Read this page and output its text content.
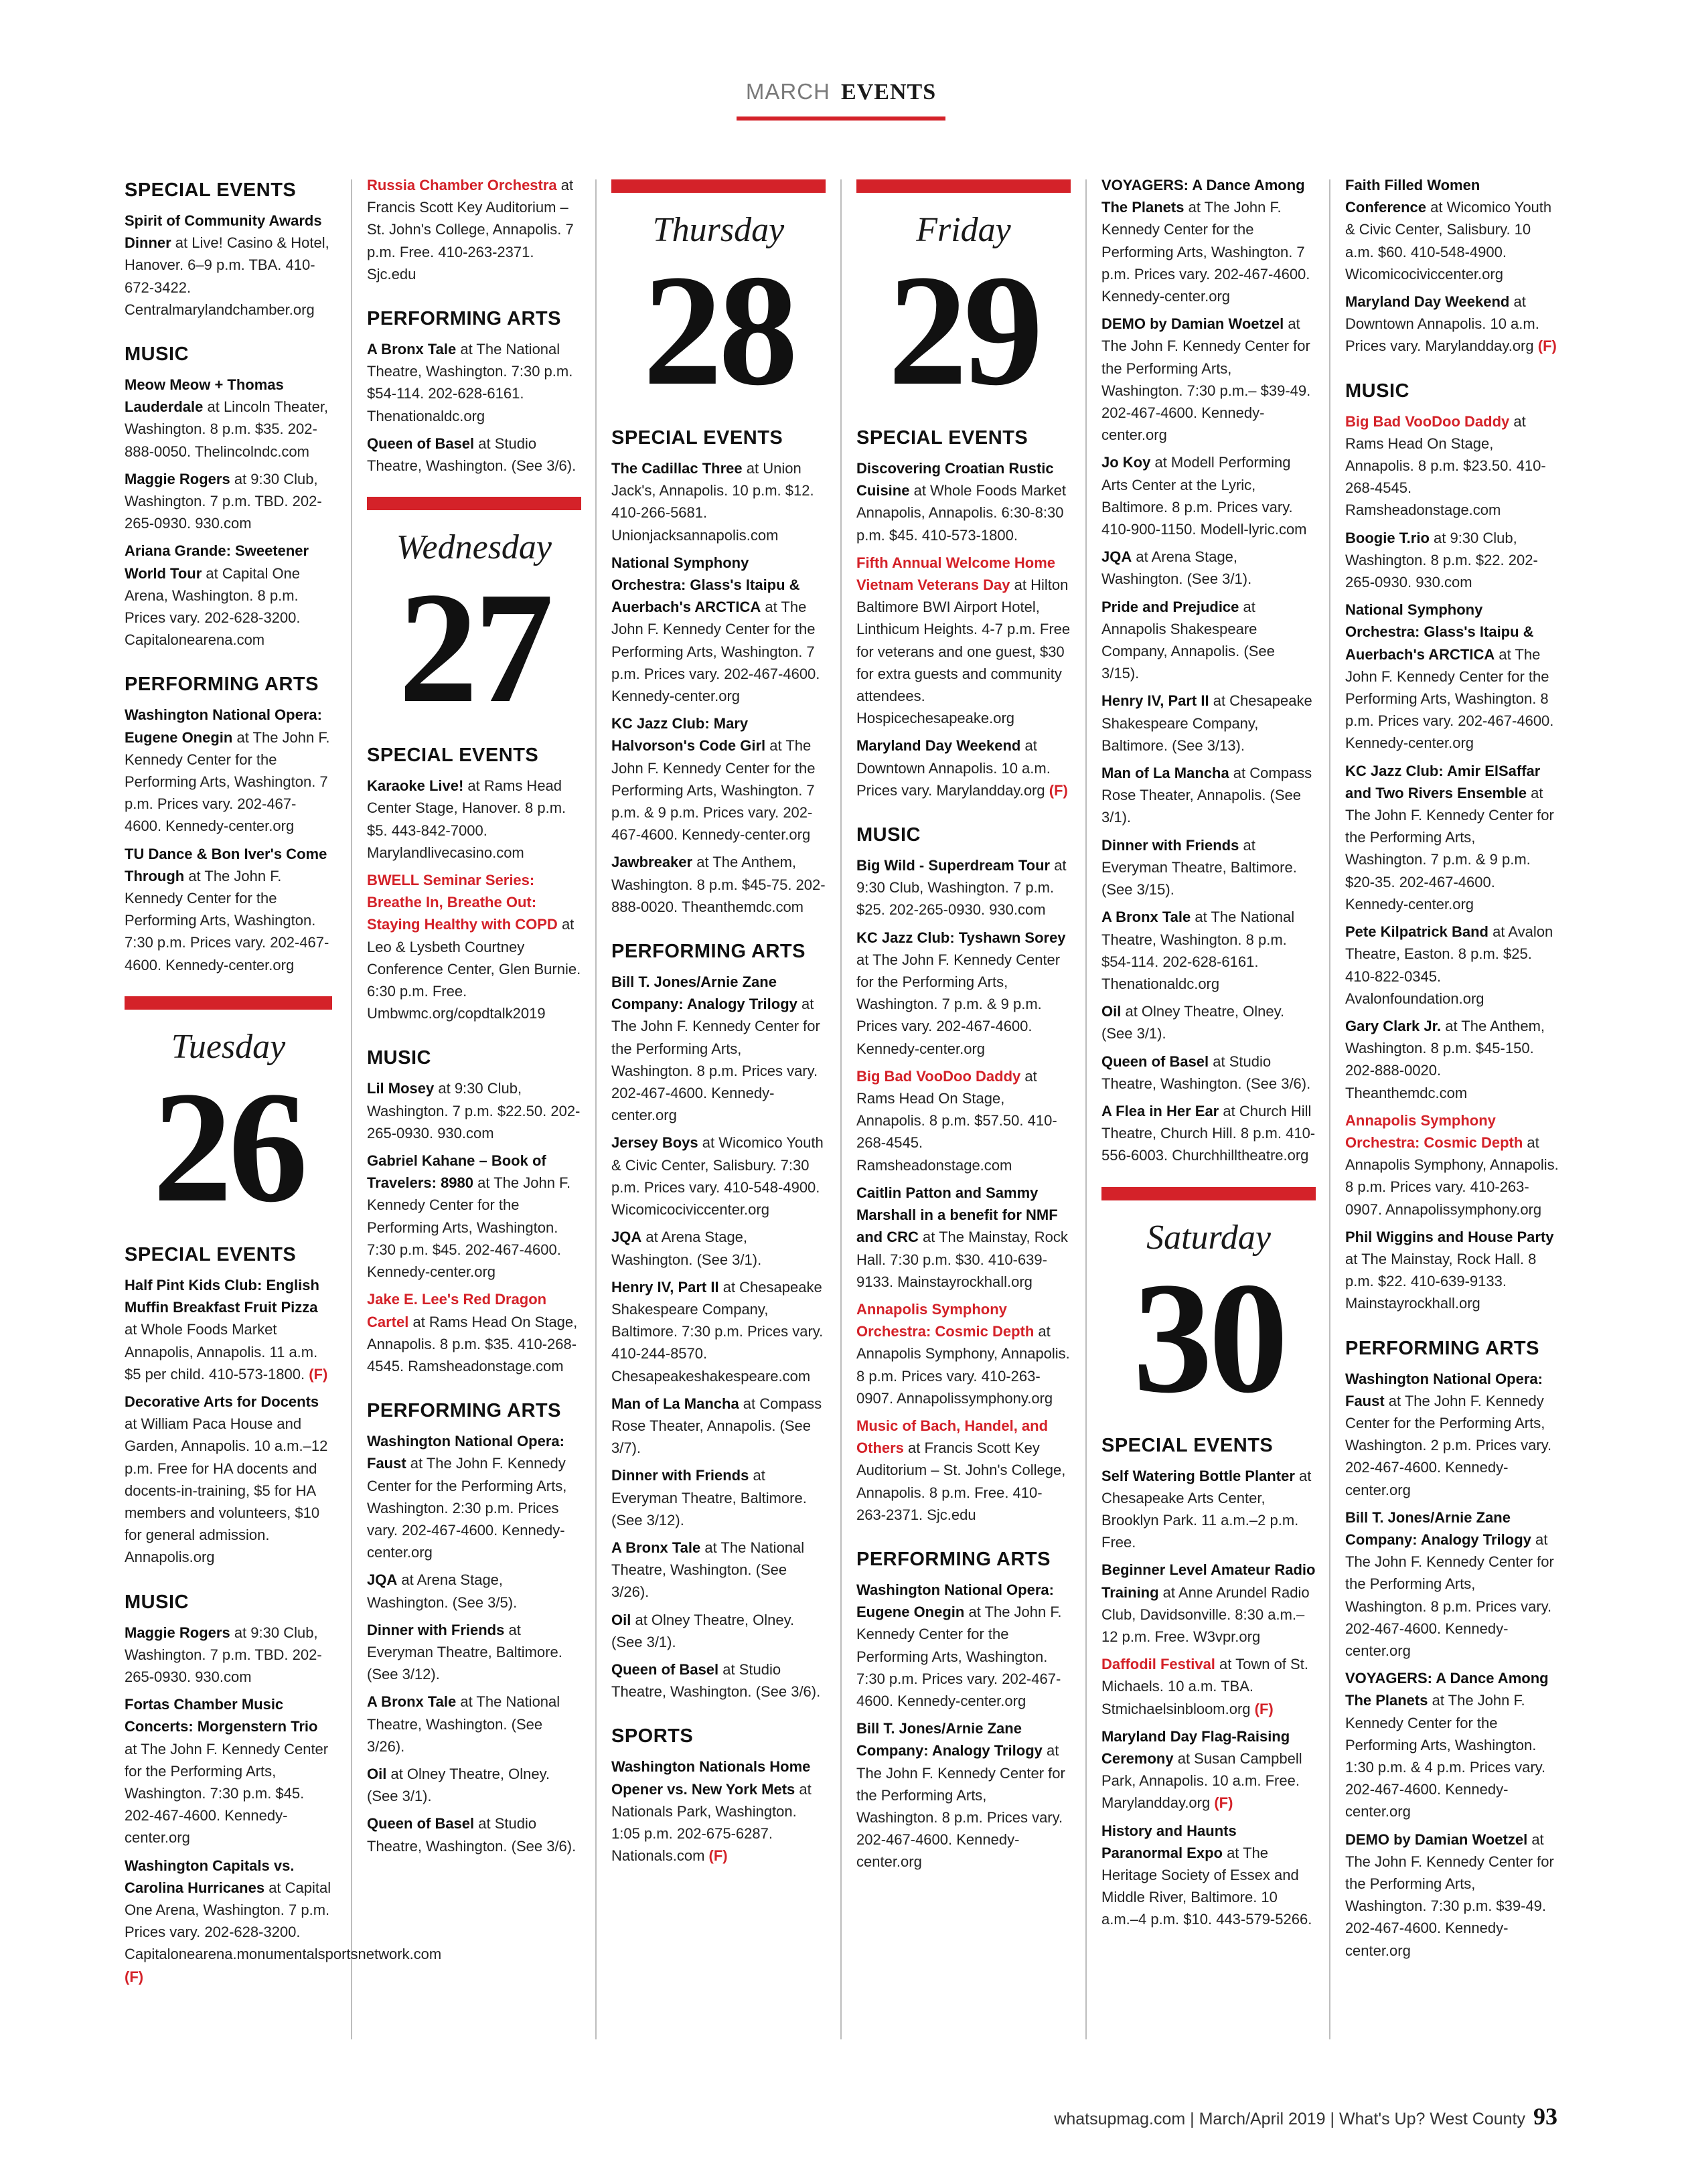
MARCH EVENTS
SPECIAL EVENTS
Spirit of Community Awards Dinner at Live! Casino & Hotel, Hanover. 6–9 p.m. TBA. 410-672-3422. Centralmarylandchamber.org
MUSIC
Meow Meow + Thomas Lauderdale at Lincoln Theater, Washington. 8 p.m. $35. 202-888-0050. Thelincolndc.com
Maggie Rogers at 9:30 Club, Washington. 7 p.m. TBD. 202-265-0930. 930.com
Ariana Grande: Sweetener World Tour at Capital One Arena, Washington. 8 p.m. Prices vary. 202-628-3200. Capitalonearena.com
PERFORMING ARTS
Washington National Opera: Eugene Onegin at The John F. Kennedy Center for the Performing Arts, Washington. 7 p.m. Prices vary. 202-467-4600. Kennedy-center.org
TU Dance & Bon Iver's Come Through at The John F. Kennedy Center for the Performing Arts, Washington. 7:30 p.m. Prices vary. 202-467-4600. Kennedy-center.org
Tuesday
26
SPECIAL EVENTS
Half Pint Kids Club: English Muffin Breakfast Fruit Pizza at Whole Foods Market Annapolis, Annapolis. 11 a.m. $5 per child. 410-573-1800. (F)
Decorative Arts for Docents at William Paca House and Garden, Annapolis. 10 a.m.–12 p.m. Free for HA docents and docents-in-training, $5 for HA members and volunteers, $10 for general admission. Annapolis.org
MUSIC
Maggie Rogers at 9:30 Club, Washington. 7 p.m. TBD. 202-265-0930. 930.com
Fortas Chamber Music Concerts: Morgenstern Trio at The John F. Kennedy Center for the Performing Arts, Washington. 7:30 p.m. $45. 202-467-4600. Kennedy-center.org
Washington Capitals vs. Carolina Hurricanes at Capital One Arena, Washington. 7 p.m. Prices vary. 202-628-3200. Capitalonearena.monumentalsportsnetwork.com (F)
Russia Chamber Orchestra at Francis Scott Key Auditorium – St. John's College, Annapolis. 7 p.m. Free. 410-263-2371. Sjc.edu
PERFORMING ARTS
A Bronx Tale at The National Theatre, Washington. 7:30 p.m. $54-114. 202-628-6161. Thenationaldc.org
Queen of Basel at Studio Theatre, Washington. (See 3/6).
Wednesday
27
SPECIAL EVENTS
Karaoke Live! at Rams Head Center Stage, Hanover. 8 p.m. $5. 443-842-7000. Marylandlivecasino.com
BWELL Seminar Series: Breathe In, Breathe Out: Staying Healthy with COPD at Leo & Lysbeth Courtney Conference Center, Glen Burnie. 6:30 p.m. Free. Umbwmc.org/copdtalk2019
MUSIC
Lil Mosey at 9:30 Club, Washington. 7 p.m. $22.50. 202-265-0930. 930.com
Gabriel Kahane – Book of Travelers: 8980 at The John F. Kennedy Center for the Performing Arts, Washington. 7:30 p.m. $45. 202-467-4600. Kennedy-center.org
Jake E. Lee's Red Dragon Cartel at Rams Head On Stage, Annapolis. 8 p.m. $35. 410-268-4545. Ramsheadonstage.com
PERFORMING ARTS
Washington National Opera: Faust at The John F. Kennedy Center for the Performing Arts, Washington. 2:30 p.m. Prices vary. 202-467-4600. Kennedy-center.org
JQA at Arena Stage, Washington. (See 3/5).
Dinner with Friends at Everyman Theatre, Baltimore. (See 3/12).
A Bronx Tale at The National Theatre, Washington. (See 3/26).
Oil at Olney Theatre, Olney. (See 3/1).
Queen of Basel at Studio Theatre, Washington. (See 3/6).
Thursday
28
SPECIAL EVENTS
The Cadillac Three at Union Jack's, Annapolis. 10 p.m. $12. 410-266-5681. Unionjacksannapolis.com
National Symphony Orchestra: Glass's Itaipu & Auerbach's ARCTICA at The John F. Kennedy Center for the Performing Arts, Washington. 7 p.m. Prices vary. 202-467-4600. Kennedy-center.org
KC Jazz Club: Mary Halvorson's Code Girl at The John F. Kennedy Center for the Performing Arts, Washington. 7 p.m. & 9 p.m. Prices vary. 202-467-4600. Kennedy-center.org
Jawbreaker at The Anthem, Washington. 8 p.m. $45-75. 202-888-0020. Theanthemdc.com
PERFORMING ARTS
Bill T. Jones/Arnie Zane Company: Analogy Trilogy at The John F. Kennedy Center for the Performing Arts, Washington. 8 p.m. Prices vary. 202-467-4600. Kennedy-center.org
Jersey Boys at Wicomico Youth & Civic Center, Salisbury. 7:30 p.m. Prices vary. 410-548-4900. Wicomicociviccenter.org
JQA at Arena Stage, Washington. (See 3/1).
Henry IV, Part II at Chesapeake Shakespeare Company, Baltimore. 7:30 p.m. Prices vary. 410-244-8570. Chesapeakeshakespeare.com
Man of La Mancha at Compass Rose Theater, Annapolis. (See 3/7).
Dinner with Friends at Everyman Theatre, Baltimore. (See 3/12).
A Bronx Tale at The National Theatre, Washington. (See 3/26).
Oil at Olney Theatre, Olney. (See 3/1).
Queen of Basel at Studio Theatre, Washington. (See 3/6).
SPORTS
Washington Nationals Home Opener vs. New York Mets at Nationals Park, Washington. 1:05 p.m. 202-675-6287. Nationals.com (F)
Friday
29
SPECIAL EVENTS
Discovering Croatian Rustic Cuisine at Whole Foods Market Annapolis, Annapolis. 6:30-8:30 p.m. $45. 410-573-1800.
Fifth Annual Welcome Home Vietnam Veterans Day at Hilton Baltimore BWI Airport Hotel, Linthicum Heights. 4-7 p.m. Free for veterans and one guest, $30 for extra guests and community attendees. Hospicechesapeake.org
Maryland Day Weekend at Downtown Annapolis. 10 a.m. Prices vary. Marylandday.org (F)
MUSIC
Big Wild - Superdream Tour at 9:30 Club, Washington. 7 p.m. $25. 202-265-0930. 930.com
KC Jazz Club: Tyshawn Sorey at The John F. Kennedy Center for the Performing Arts, Washington. 7 p.m. & 9 p.m. Prices vary. 202-467-4600. Kennedy-center.org
Big Bad VooDoo Daddy at Rams Head On Stage, Annapolis. 8 p.m. $57.50. 410-268-4545. Ramsheadonstage.com
Caitlin Patton and Sammy Marshall in a benefit for NMF and CRC at The Mainstay, Rock Hall. 7:30 p.m. $30. 410-639-9133. Mainstayrockhall.org
Annapolis Symphony Orchestra: Cosmic Depth at Annapolis Symphony, Annapolis. 8 p.m. Prices vary. 410-263-0907. Annapolissymphony.org
Music of Bach, Handel, and Others at Francis Scott Key Auditorium – St. John's College, Annapolis. 8 p.m. Free. 410-263-2371. Sjc.edu
PERFORMING ARTS
Washington National Opera: Eugene Onegin at The John F. Kennedy Center for the Performing Arts, Washington. 7:30 p.m. Prices vary. 202-467-4600. Kennedy-center.org
Bill T. Jones/Arnie Zane Company: Analogy Trilogy at The John F. Kennedy Center for the Performing Arts, Washington. 8 p.m. Prices vary. 202-467-4600. Kennedy-center.org
VOYAGERS: A Dance Among The Planets at The John F. Kennedy Center for the Performing Arts, Washington. 7 p.m. Prices vary. 202-467-4600. Kennedy-center.org
DEMO by Damian Woetzel at The John F. Kennedy Center for the Performing Arts, Washington. 7:30 p.m.– $39-49. 202-467-4600. Kennedy-center.org
Jo Koy at Modell Performing Arts Center at the Lyric, Baltimore. 8 p.m. Prices vary. 410-900-1150. Modell-lyric.com
JQA at Arena Stage, Washington. (See 3/1).
Pride and Prejudice at Annapolis Shakespeare Company, Annapolis. (See 3/15).
Henry IV, Part II at Chesapeake Shakespeare Company, Baltimore. (See 3/13).
Man of La Mancha at Compass Rose Theater, Annapolis. (See 3/1).
Dinner with Friends at Everyman Theatre, Baltimore. (See 3/15).
A Bronx Tale at The National Theatre, Washington. 8 p.m. $54-114. 202-628-6161. Thenationaldc.org
Oil at Olney Theatre, Olney. (See 3/1).
Queen of Basel at Studio Theatre, Washington. (See 3/6).
A Flea in Her Ear at Church Hill Theatre, Church Hill. 8 p.m. 410-556-6003. Churchhilltheatre.org
Saturday
30
SPECIAL EVENTS
Self Watering Bottle Planter at Chesapeake Arts Center, Brooklyn Park. 11 a.m.–2 p.m. Free.
Beginner Level Amateur Radio Training at Anne Arundel Radio Club, Davidsonville. 8:30 a.m.–12 p.m. Free. W3vpr.org
Daffodil Festival at Town of St. Michaels. 10 a.m. TBA. Stmichaelsinbloom.org (F)
Maryland Day Flag-Raising Ceremony at Susan Campbell Park, Annapolis. 10 a.m. Free. Marylandday.org (F)
History and Haunts Paranormal Expo at The Heritage Society of Essex and Middle River, Baltimore. 10 a.m.–4 p.m. $10. 443-579-5266.
Faith Filled Women Conference at Wicomico Youth & Civic Center, Salisbury. 10 a.m. $60. 410-548-4900. Wicomicociviccenter.org
Maryland Day Weekend at Downtown Annapolis. 10 a.m. Prices vary. Marylandday.org (F)
MUSIC
Big Bad VooDoo Daddy at Rams Head On Stage, Annapolis. 8 p.m. $23.50. 410-268-4545. Ramsheadonstage.com
Boogie T.rio at 9:30 Club, Washington. 8 p.m. $22. 202-265-0930. 930.com
National Symphony Orchestra: Glass's Itaipu & Auerbach's ARCTICA at The John F. Kennedy Center for the Performing Arts, Washington. 8 p.m. Prices vary. 202-467-4600. Kennedy-center.org
KC Jazz Club: Amir ElSaffar and Two Rivers Ensemble at The John F. Kennedy Center for the Performing Arts, Washington. 7 p.m. & 9 p.m. $20-35. 202-467-4600. Kennedy-center.org
Pete Kilpatrick Band at Avalon Theatre, Easton. 8 p.m. $25. 410-822-0345. Avalonfoundation.org
Gary Clark Jr. at The Anthem, Washington. 8 p.m. $45-150. 202-888-0020. Theanthemdc.com
Annapolis Symphony Orchestra: Cosmic Depth at Annapolis Symphony, Annapolis. 8 p.m. Prices vary. 410-263-0907. Annapolissymphony.org
Phil Wiggins and House Party at The Mainstay, Rock Hall. 8 p.m. $22. 410-639-9133. Mainstayrockhall.org
PERFORMING ARTS
Washington National Opera: Faust at The John F. Kennedy Center for the Performing Arts, Washington. 2 p.m. Prices vary. 202-467-4600. Kennedy-center.org
Bill T. Jones/Arnie Zane Company: Analogy Trilogy at The John F. Kennedy Center for the Performing Arts, Washington. 8 p.m. Prices vary. 202-467-4600. Kennedy-center.org
VOYAGERS: A Dance Among The Planets at The John F. Kennedy Center for the Performing Arts, Washington. 1:30 p.m. & 4 p.m. Prices vary. 202-467-4600. Kennedy-center.org
DEMO by Damian Woetzel at The John F. Kennedy Center for the Performing Arts, Washington. 7:30 p.m. $39-49. 202-467-4600. Kennedy-center.org
whatsupmag.com | March/April 2019 | What's Up? West County 93
